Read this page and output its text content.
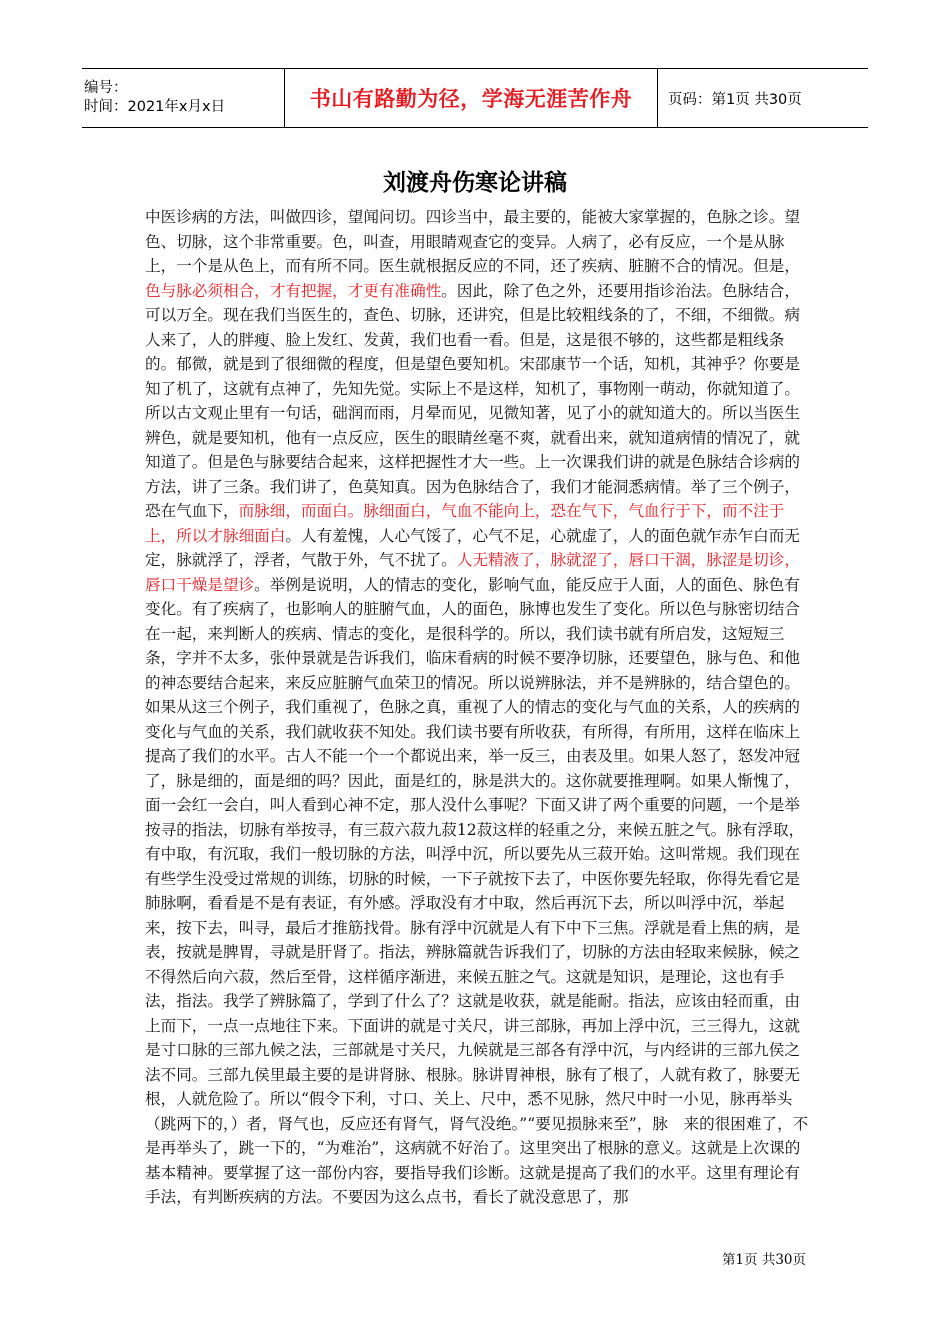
编号：
时间：2021年x月x日	书山有路勤为径，学海无涯苦作舟	页码：第1页 共30页
刘渡舟伤寒论讲稿

中医诊病的方法，叫做四诊，望闻问切。四诊当中，最主要的，能被大家掌握的，色脉之诊。望色、切脉，这个非常重要。色，叫查，用眼睛观查它的变异。人病了，必有反应，一个是从脉上，一个是从色上，而有所不同。医生就根据反应的不同，还了疾病、脏腑不合的情况。但是，色与脉必须相合，才有把握，才更有准确性。因此，除了色之外，还要用指诊治法。色脉结合，可以万全。现在我们当医生的，查色、切脉，还讲究，但是比较粗线条的了，不细，不细微。病人来了，人的胖瘦、脸上发红、发黄，我们也看一看。但是，这是很不够的，这些都是粗线条的。郁微，就是到了很细微的程度，但是望色要知机。宋邵康节一个话，知机，其神乎？你要是知了机了，这就有点神了，先知先觉。实际上不是这样，知机了，事物刚一萌动，你就知道了。所以古文观止里有一句话，础润而雨，月晕而见，见微知著，见了小的就知道大的。所以当医生辨色，就是要知机，他有一点反应，医生的眼睛丝毫不爽，就看出来，就知道病情的情况了，就知道了。但是色与脉要结合起来，这样把握性才大一些。上一次课我们讲的就是色脉结合诊病的方法，讲了三条。我们讲了，色莫知真。因为色脉结合了，我们才能洞悉病情。举了三个例子，恐在气血下，而脉细，而面白。脉细面白，气血不能向上，恐在气下，气血行于下，而不注于上，所以才脉细面白。人有羞愧，人心气馁了，心气不足，心就虚了，人的面色就乍赤乍白而无定，脉就浮了，浮者，气散于外，气不扰了。人无精液了，脉就涩了，唇口干涸，脉涩是切诊，唇口干燥是望诊。举例是说明，人的情志的变化，影响气血，能反应于人面，人的面色、脉色有变化。有了疾病了，也影响人的脏腑气血，人的面色，脉博也发生了变化。所以色与脉密切结合在一起，来判断人的疾病、情志的变化，是很科学的。所以，我们读书就有所启发，这短短三条，字并不太多，张仲景就是告诉我们，临床看病的时候不要净切脉，还要望色，脉与色、和他的神态要结合起来，来反应脏腑气血荣卫的情况。所以说辨脉法，并不是辨脉的，结合望色的。如果从这三个例子，我们重视了，色脉之真，重视了人的情志的变化与气血的关系，人的疾病的变化与气血的关系，我们就收获不知处。我们读书要有所收获，有所得，有所用，这样在临床上提高了我们的水平。古人不能一个一个都说出来，举一反三，由表及里。如果人怒了，怒发冲冠了，脉是细的，面是细的吗？因此，面是红的，脉是洪大的。这你就要推理啊。如果人惭愧了，面一会红一会白，叫人看到心神不定，那人没什么事呢？下面又讲了两个重要的问题，一个是举按寻的指法，切脉有举按寻，有三菽六菽九菽12菽这样的轻重之分，来候五脏之气。脉有浮取，有中取，有沉取，我们一般切脉的方法，叫浮中沉，所以要先从三菽开始。这叫常规。我们现在有些学生没受过常规的训练，切脉的时候，一下子就按下去了，中医你要先轻取，你得先看它是肺脉啊，看看是不是有表证，有外感。浮取没有才中取，然后再沉下去，所以叫浮中沉，举起来，按下去，叫寻，最后才推筋找骨。脉有浮中沉就是人有下中下三焦。浮就是看上焦的病，是表，按就是脾胃，寻就是肝肾了。指法，辨脉篇就告诉我们了，切脉的方法由轻取来候脉，候之不得然后向六菽，然后至骨，这样循序渐进，来候五脏之气。这就是知识，是理论，这也有手法，指法。我学了辨脉篇了，学到了什么了？这就是收获，就是能耐。指法，应该由轻而重，由上而下，一点一点地往下来。下面讲的就是寸关尺，讲三部脉，再加上浮中沉，三三得九，这就是寸口脉的三部九候之法，三部就是寸关尺，九候就是三部各有浮中沉，与内经讲的三部九侯之法不同。三部九侯里最主要的是讲肾脉、根脉。脉讲胃神根，脉有了根了，人就有救了，脉要无根，人就危险了。所以“假令下利，寸口、关上、尺中，悉不见脉，然尺中时一小见，脉再举头（跳两下的，）者，肾气也，反应还有肾气，肾气没绝。”“要见损脉来至”，脉　来的很困难了，不是再举头了，跳一下的，“为难治”，这病就不好治了。这里突出了根脉的意义。这就是上次课的基本精神。要掌握了这一部份内容，要指导我们诊断。这就是提高了我们的水平。这里有理论有手法，有判断疾病的方法。不要因为这么点书，看长了就没意思了，那

第1页 共30页
